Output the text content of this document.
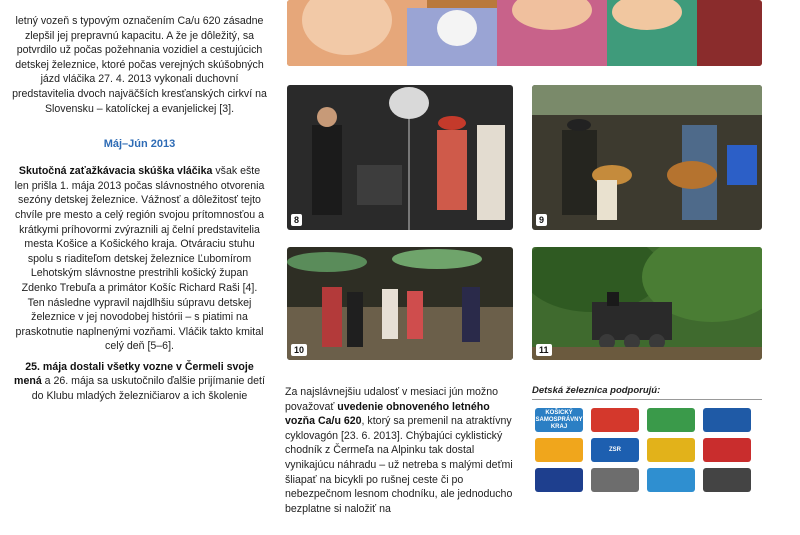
letný vozeň s typovým označením Ca/u 620 zásadne zlepšil jej prepravnú kapacitu. A že je dôležitý, sa potvrdilo už počas požehnania vozidiel a cestujúcich detskej železnice, ktoré počas verejných skúšobných jázd vláčika 27. 4. 2013 vykonali duchovní predstavitelia dvoch najväčších kresťanských cirkví na Slovensku – katolíckej a evanjelickej [3].

Máj–Jún 2013

Skutočná zaťažkávacia skúška vláčika však ešte len prišla 1. mája 2013 počas slávnostného otvorenia sezóny detskej železnice. Vážnosť a dôležitosť tejto chvíle pre mesto a celý región svojou prítomnosťou a krátkymi príhovormi zvýraznili aj čelní predstavitelia mesta Košice a Košického kraja. Otváraciu stuhu spolu s riaditeľom detskej železnice Ľubomírom Lehotským slávnostne prestrihli košický župan Zdenko Trebuľa a primátor Košíc Richard Raši [4]. Ten následne vypravil najdlhšiu súpravu detskej železnice v jej novodobej histórii – s piatimi na praskotnutie naplnenými vozňami. Vláčik takto kmital celý deň [5–6].

25. mája dostali všetky vozne v Čermeli svoje mená a 26. mája sa uskutočnilo ďalšie prijímanie detí do Klubu mladých železničiarov a ich školenie

8	9
10	11

Za najslávnejšiu udalosť v mesiaci jún možno považovať uvedenie obnoveného letného vozňa Ca/u 620, ktorý sa premenil na atraktívny cyklovagón [23. 6. 2013]. Chýbajúci cyklistický chodník z Čermeľa na Alpinku tak dostal vynikajúcu náhradu – už netreba s malými deťmi šliapať na bicykli po rušnej ceste či po nebezpečnom lesnom chodníku, ale jednoducho bezplatne si naložiť na

Detská železnica podporujú:
KOŠICKÝ SAMOSPRÁVNY KRAJ
ZSR
